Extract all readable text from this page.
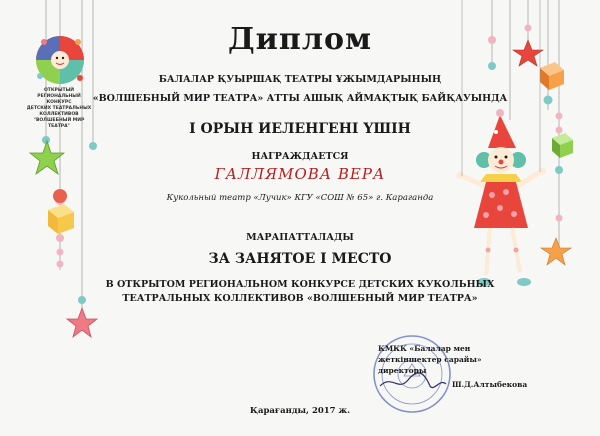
ОТКРЫТЫЙ РЕГИОНАЛЬНЫЙ КОНКУРС
ДЕТСКИХ ТЕАТРАЛЬНЫХ КОЛЛЕКТИВОВ
"ВОЛШЕБНЫЙ МИР ТЕАТРА"
Диплом
БАЛАЛАР ҚУЫРШАҚ ТЕАТРЫ ҰЖЫМДАРЫНЫҢ
«ВОЛШЕБНЫЙ МИР ТЕАТРА» АТТЫ АШЫҚ АЙМАҚТЫҚ БАЙҚАУЫНДА
I ОРЫН ИЕЛЕНГЕНІ ҮШІН
НАГРАЖДАЕТСЯ
ГАЛЛЯМОВА ВЕРА
Кукольный театр «Лучик» КГУ «СОШ № 65» г. Караганда
МАРАПАТТАЛАДЫ
ЗА ЗАНЯТОЕ I МЕСТО
В ОТКРЫТОМ РЕГИОНАЛЬНОМ КОНКУРСЕ ДЕТСКИХ КУКОЛЬНЫХ
ТЕАТРАЛЬНЫХ КОЛЛЕКТИВОВ «ВОЛШЕБНЫЙ МИР ТЕАТРА»
КМКК «Балалар мен
жеткіншектер сарайы»
директоры
Ш.Д.Алтыбекова
Қарағанды, 2017 ж.
